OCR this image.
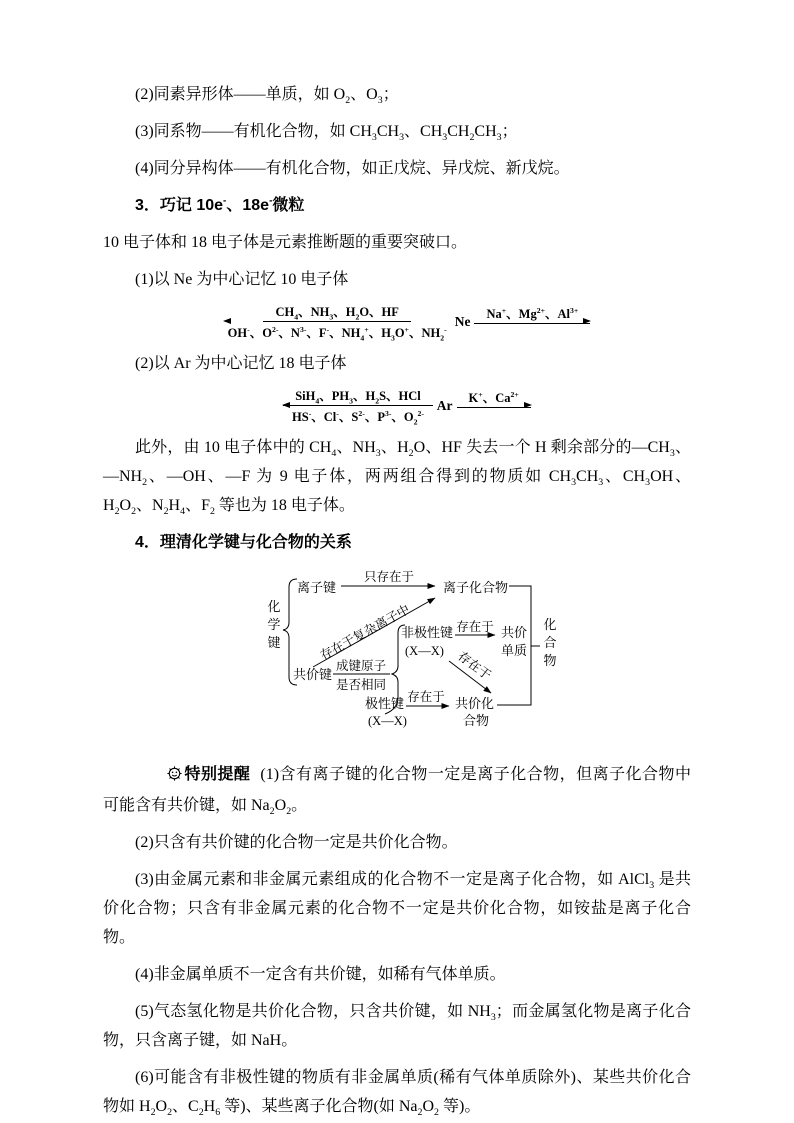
(2)同素异形体——单质，如 $O_2$、$O_3$；

(3)同系物——有机化合物，如 $CH_3CH_3$、$CH_3CH_2CH_3$；

(4)同分异构体——有机化合物，如正戊烷、异戊烷、新戊烷。

3．巧记 10e-、18e-微粒

10 电子体和 18 电子体是元素推断题的重要突破口。

(1)以 Ne 为中心记忆 10 电子体

$CH_4$、$NH_3$、$H_2O$、HF
OH-、$O^{2-}$、$N^{3-}$、F-、$NH_4^+$、$H_3O^+$、$NH_2^-$
Ne	Na+、$Mg^{2+}$、$Al^{3+}$

(2)以 Ar 为中心记忆 18 电子体

SiH$_4$、$PH_3$、$H_2S$、HCl
HS-、Cl-、$S^{2-}$、$P^{3-}$、$O_2^{2-}$
Ar	K+、$Ca^{2+}$

此外，由 10 电子体中的 $CH_4$、$NH_3$、$H_2O$、HF 失去一个 H 剩余部分的$—CH_3$、$—NH_2$、—OH、—F 为 9 电子体，两两组合得到的物质如 $CH_3CH_3$、$CH_3OH$、$H_2O_2$、$N_2H_4$、$F_2$ 等也为 18 电子体。

4．理清化学键与化合物的关系

化
学
键
离子键
只存在于
离子化合物
存在于复杂离子中
共价键
成键原子
是否相同
非极性键
(X—X)
存在于 共价
单质
存在于
极性键
(X—X)
存在于 共价化
合物
化
合
物

特别提醒 (1)含有离子键的化合物一定是离子化合物，但离子化合物中可能含有共价键，如 $Na_2O_2$。

(2)只含有共价键的化合物一定是共价化合物。

(3)由金属元素和非金属元素组成的化合物不一定是离子化合物，如 AlCl$_3$ 是共价化合物；只含有非金属元素的化合物不一定是共价化合物，如铵盐是离子化合物。

(4)非金属单质不一定含有共价键，如稀有气体单质。

(5)气态氢化物是共价化合物，只含共价键，如 $NH_3$；而金属氢化物是离子化合物，只含离子键，如 NaH。

(6)可能含有非极性键的物质有非金属单质(稀有气体单质除外)、某些共价化合物如 $H_2O_2$、$C_2H_6$ 等)、某些离子化合物(如 $Na_2O_2$ 等)。
